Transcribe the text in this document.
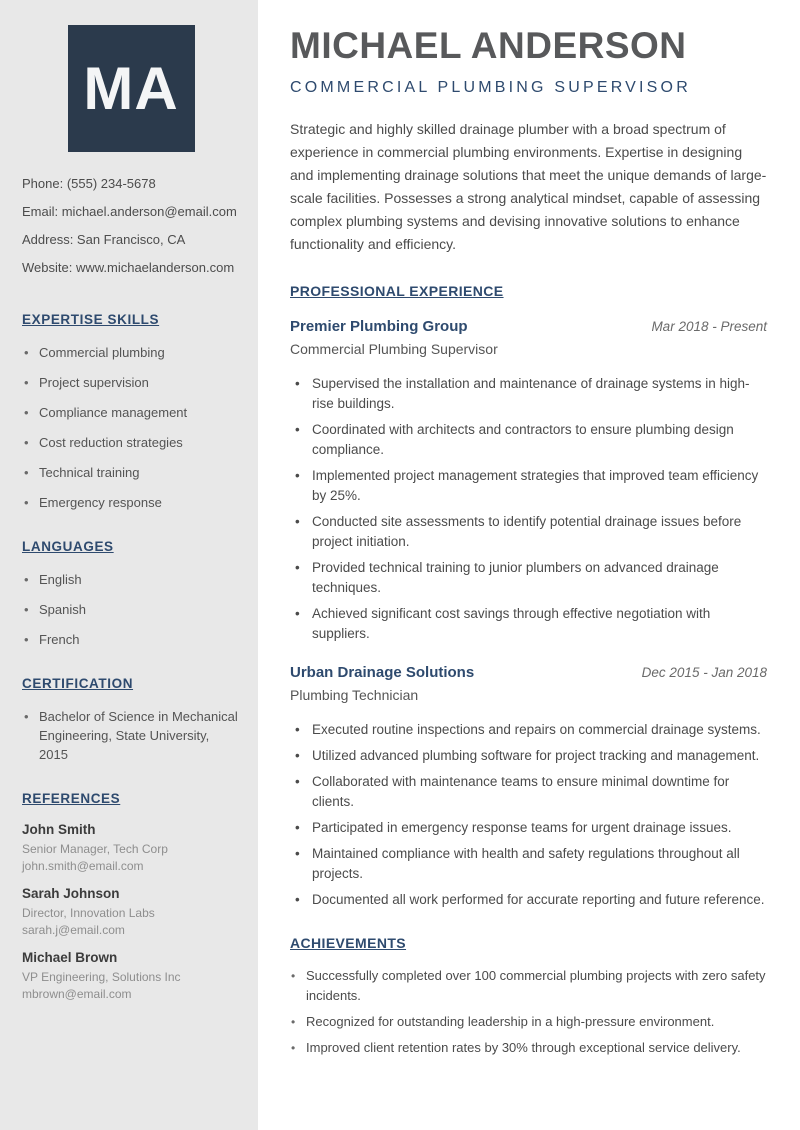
MA
Phone: (555) 234-5678
Email: michael.anderson@email.com
Address: San Francisco, CA
Website: www.michaelanderson.com
EXPERTISE SKILLS
• Commercial plumbing
• Project supervision
• Compliance management
• Cost reduction strategies
• Technical training
• Emergency response
LANGUAGES
• English
• Spanish
• French
CERTIFICATION
• Bachelor of Science in Mechanical Engineering, State University, 2015
REFERENCES
John Smith
Senior Manager, Tech Corp
john.smith@email.com
Sarah Johnson
Director, Innovation Labs
sarah.j@email.com
Michael Brown
VP Engineering, Solutions Inc
mbrown@email.com
MICHAEL ANDERSON
COMMERCIAL PLUMBING SUPERVISOR

Strategic and highly skilled drainage plumber with a broad spectrum of experience in commercial plumbing environments. Expertise in designing and implementing drainage solutions that meet the unique demands of large-scale facilities. Possesses a strong analytical mindset, capable of assessing complex plumbing systems and devising innovative solutions to enhance functionality and efficiency.

PROFESSIONAL EXPERIENCE
Premier Plumbing Group	Mar 2018 - Present
Commercial Plumbing Supervisor
• Supervised the installation and maintenance of drainage systems in high-rise buildings.
• Coordinated with architects and contractors to ensure plumbing design compliance.
• Implemented project management strategies that improved team efficiency by 25%.
• Conducted site assessments to identify potential drainage issues before project initiation.
• Provided technical training to junior plumbers on advanced drainage techniques.
• Achieved significant cost savings through effective negotiation with suppliers.
Urban Drainage Solutions	Dec 2015 - Jan 2018
Plumbing Technician
• Executed routine inspections and repairs on commercial drainage systems.
• Utilized advanced plumbing software for project tracking and management.
• Collaborated with maintenance teams to ensure minimal downtime for clients.
• Participated in emergency response teams for urgent drainage issues.
• Maintained compliance with health and safety regulations throughout all projects.
• Documented all work performed for accurate reporting and future reference.
ACHIEVEMENTS
• Successfully completed over 100 commercial plumbing projects with zero safety incidents.
• Recognized for outstanding leadership in a high-pressure environment.
• Improved client retention rates by 30% through exceptional service delivery.
